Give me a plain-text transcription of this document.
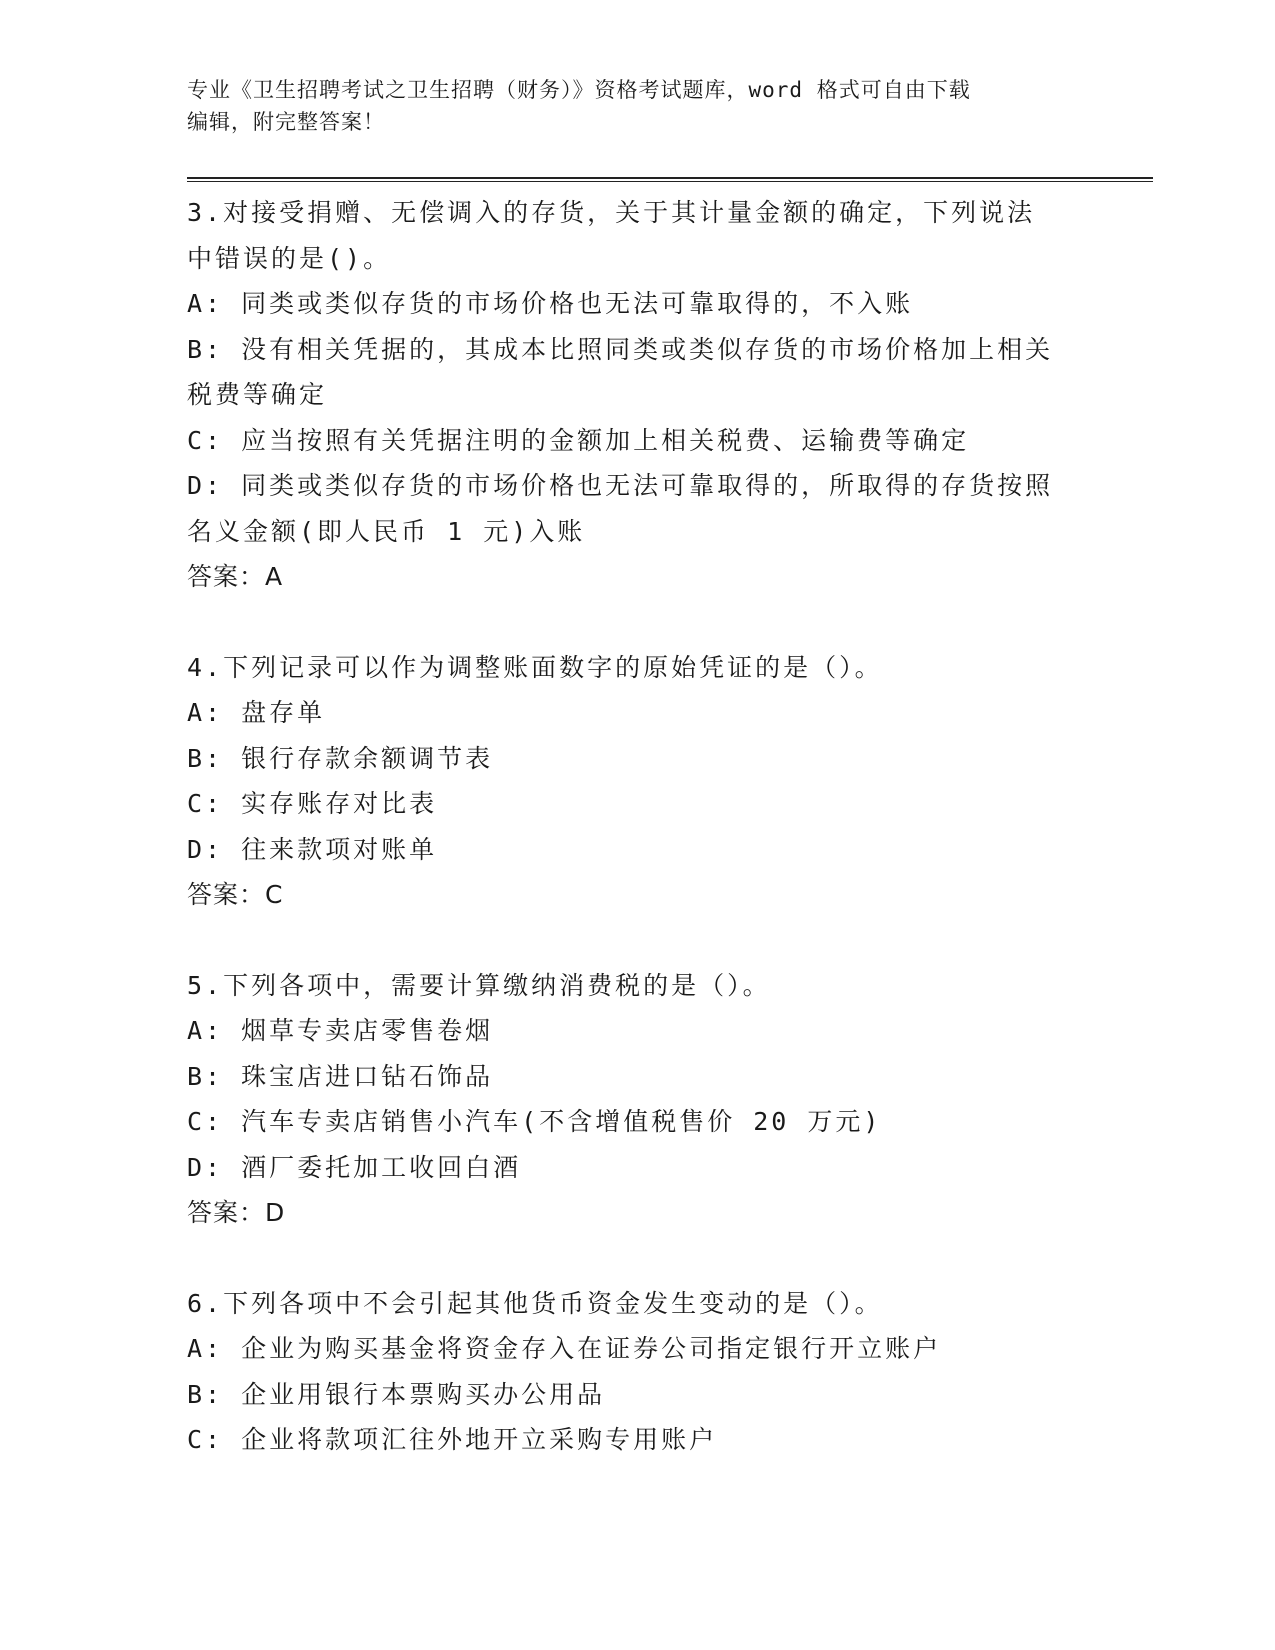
专业《卫生招聘考试之卫生招聘（财务）》资格考试题库，word 格式可自由下载
编辑，附完整答案！
3.对接受捐赠、无偿调入的存货，关于其计量金额的确定，下列说法
中错误的是()。
A: 同类或类似存货的市场价格也无法可靠取得的，不入账
B: 没有相关凭据的，其成本比照同类或类似存货的市场价格加上相关
税费等确定
C: 应当按照有关凭据注明的金额加上相关税费、运输费等确定
D: 同类或类似存货的市场价格也无法可靠取得的，所取得的存货按照
名义金额(即人民币 1 元)入账
答案：A
4.下列记录可以作为调整账面数字的原始凭证的是（）。
A: 盘存单
B: 银行存款余额调节表
C: 实存账存对比表
D: 往来款项对账单
答案：C
5.下列各项中，需要计算缴纳消费税的是（）。
A: 烟草专卖店零售卷烟
B: 珠宝店进口钻石饰品
C: 汽车专卖店销售小汽车(不含增值税售价 20 万元)
D: 酒厂委托加工收回白酒
答案：D
6.下列各项中不会引起其他货币资金发生变动的是（）。
A: 企业为购买基金将资金存入在证券公司指定银行开立账户
B: 企业用银行本票购买办公用品
C: 企业将款项汇往外地开立采购专用账户
